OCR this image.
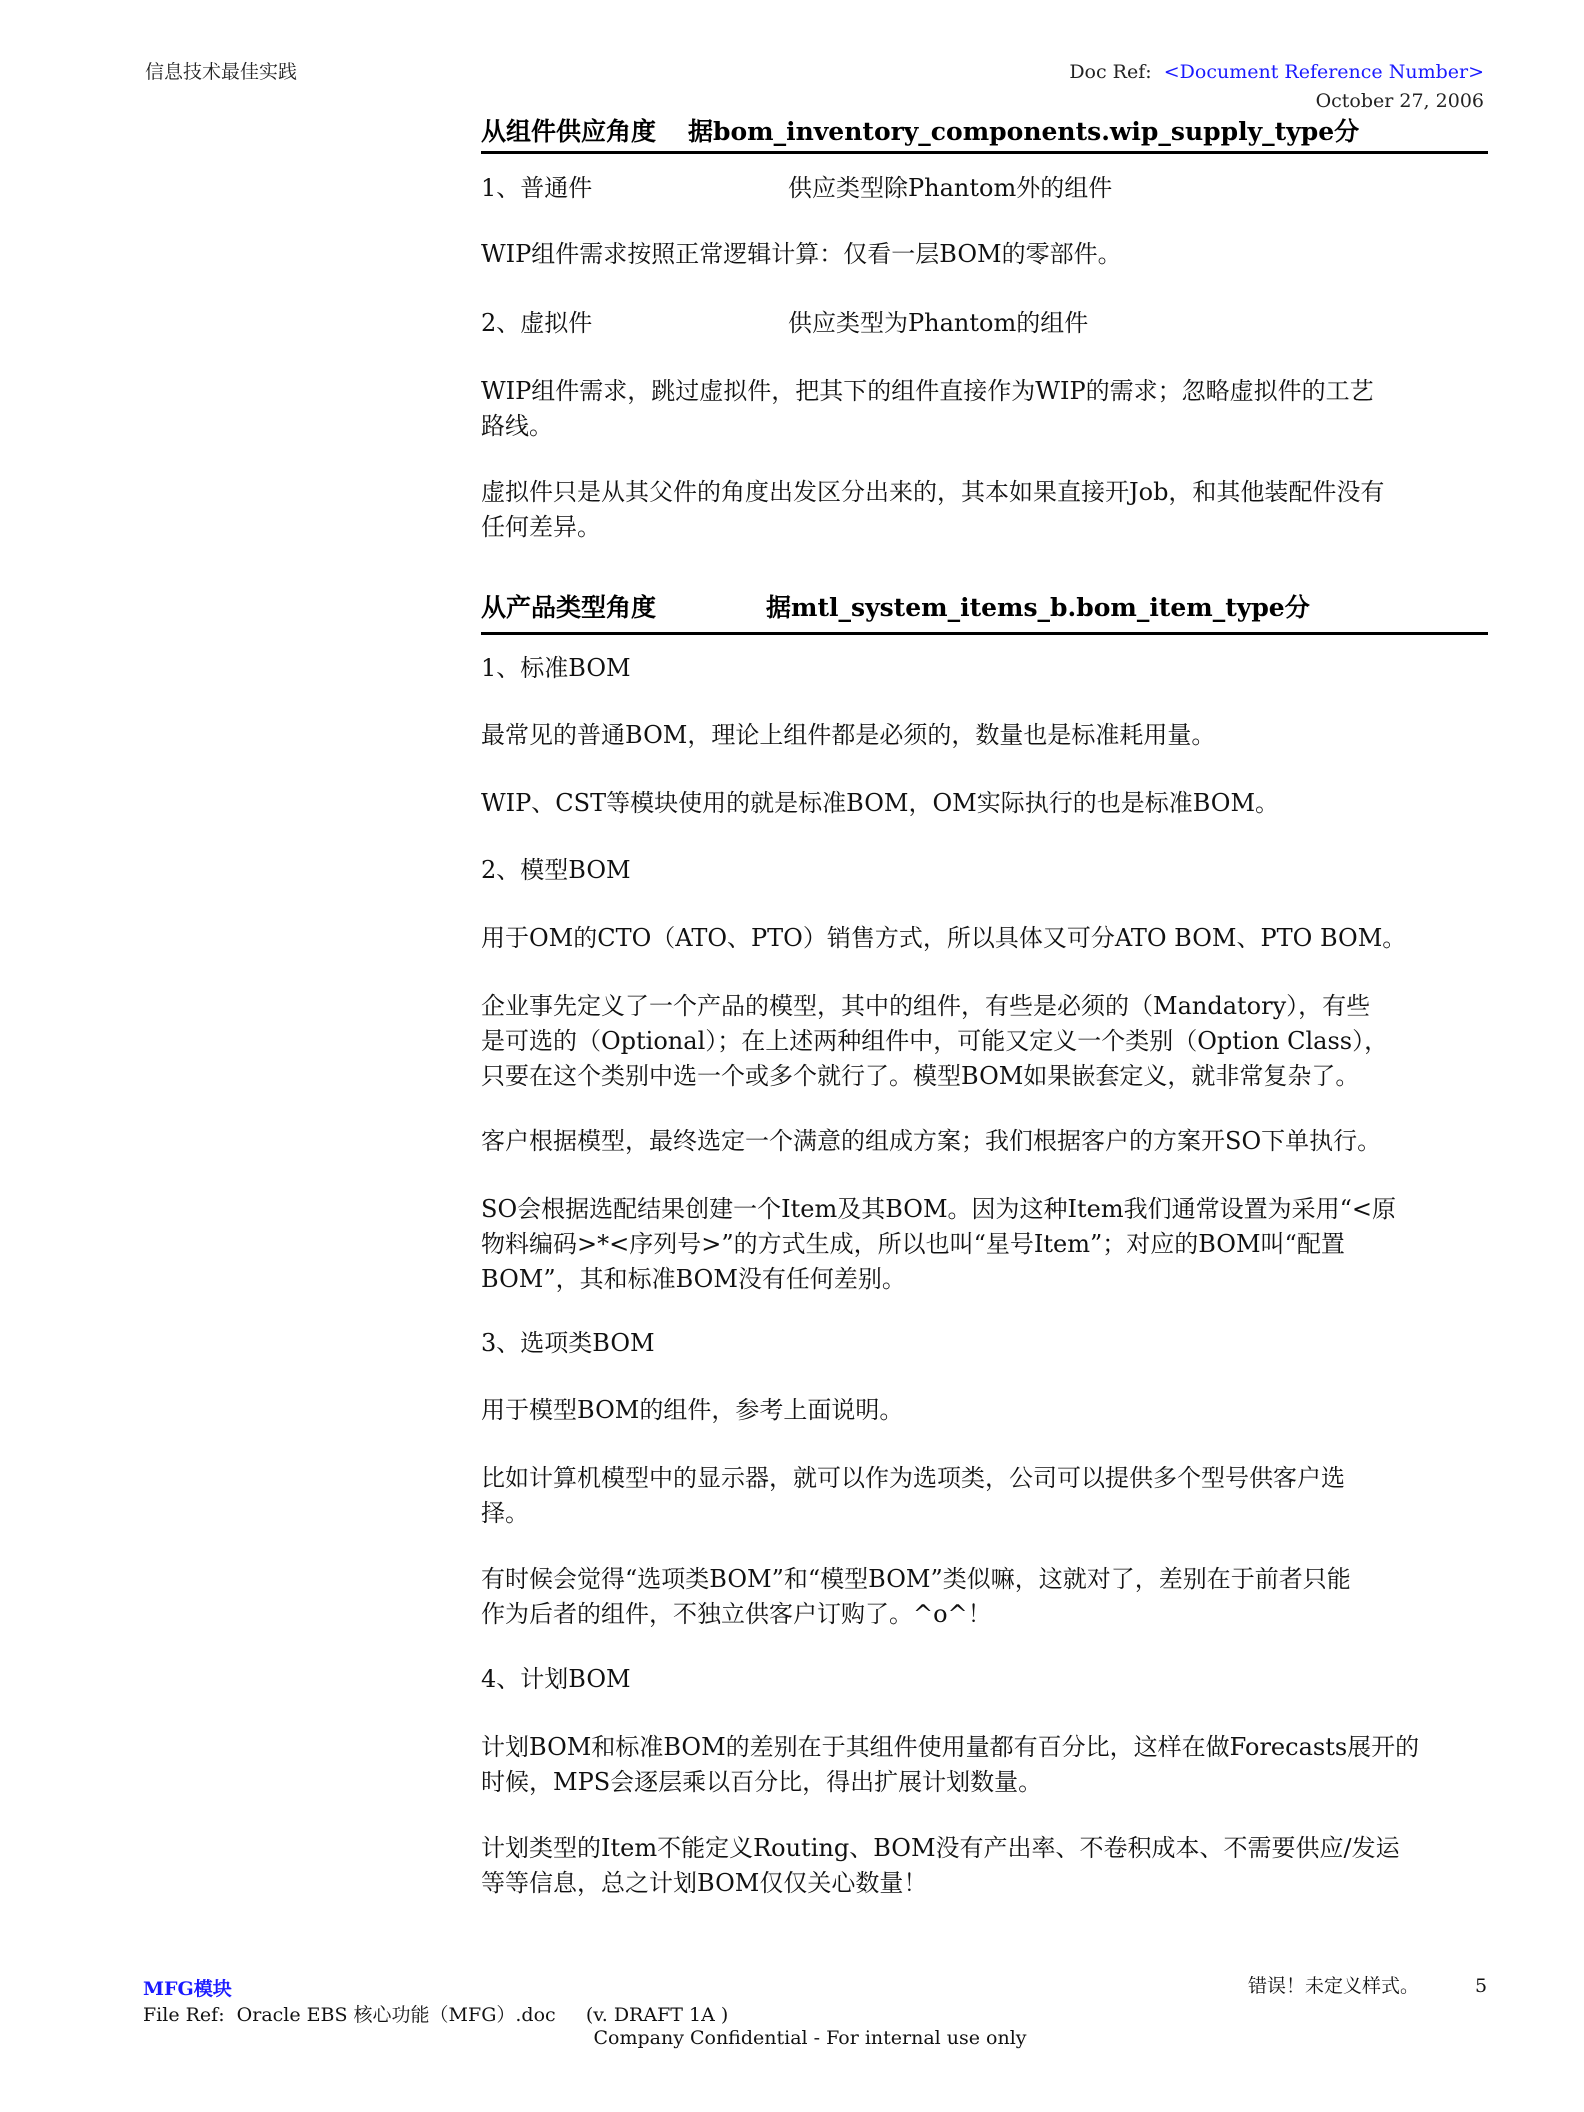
信息技术最佳实践	Doc Ref: <Document Reference Number>
October 27, 2006
从组件供应角度 据bom_inventory_components.wip_supply_type分
1、普通件	供应类型除Phantom外的组件
WIP组件需求按照正常逻辑计算：仅看一层BOM的零部件。
2、虚拟件	供应类型为Phantom的组件
WIP组件需求，跳过虚拟件，把其下的组件直接作为WIP的需求；忽略虚拟件的工艺
路线。
虚拟件只是从其父件的角度出发区分出来的，其本如果直接开Job，和其他装配件没有
任何差异。
从产品类型角度	据mtl_system_items_b.bom_item_type分
1、标准BOM
最常见的普通BOM，理论上组件都是必须的，数量也是标准耗用量。
WIP、CST等模块使用的就是标准BOM，OM实际执行的也是标准BOM。
2、模型BOM
用于OM的CTO（ATO、PTO）销售方式，所以具体又可分ATO BOM、PTO BOM。
企业事先定义了一个产品的模型，其中的组件，有些是必须的（Mandatory），有些
是可选的（Optional）；在上述两种组件中，可能又定义一个类别（Option Class），
只要在这个类别中选一个或多个就行了。模型BOM如果嵌套定义，就非常复杂了。
客户根据模型，最终选定一个满意的组成方案；我们根据客户的方案开SO下单执行。
SO会根据选配结果创建一个Item及其BOM。因为这种Item我们通常设置为采用“<原
物料编码>*<序列号>”的方式生成，所以也叫“星号Item”；对应的BOM叫“配置
BOM”，其和标准BOM没有任何差别。
3、选项类BOM
用于模型BOM的组件，参考上面说明。
比如计算机模型中的显示器，就可以作为选项类，公司可以提供多个型号供客户选
择。
有时候会觉得“选项类BOM”和“模型BOM”类似嘛，这就对了，差别在于前者只能
作为后者的组件，不独立供客户订购了。^o^！
4、计划BOM
计划BOM和标准BOM的差别在于其组件使用量都有百分比，这样在做Forecasts展开的
时候，MPS会逐层乘以百分比，得出扩展计划数量。
计划类型的Item不能定义Routing、BOM没有产出率、不卷积成本、不需要供应/发运
等等信息，总之计划BOM仅仅关心数量！
MFG模块	错误！未定义样式。	5
File Ref:  Oracle EBS 核心功能（MFG）.doc     (v. DRAFT 1A )
Company Confidential - For internal use only
